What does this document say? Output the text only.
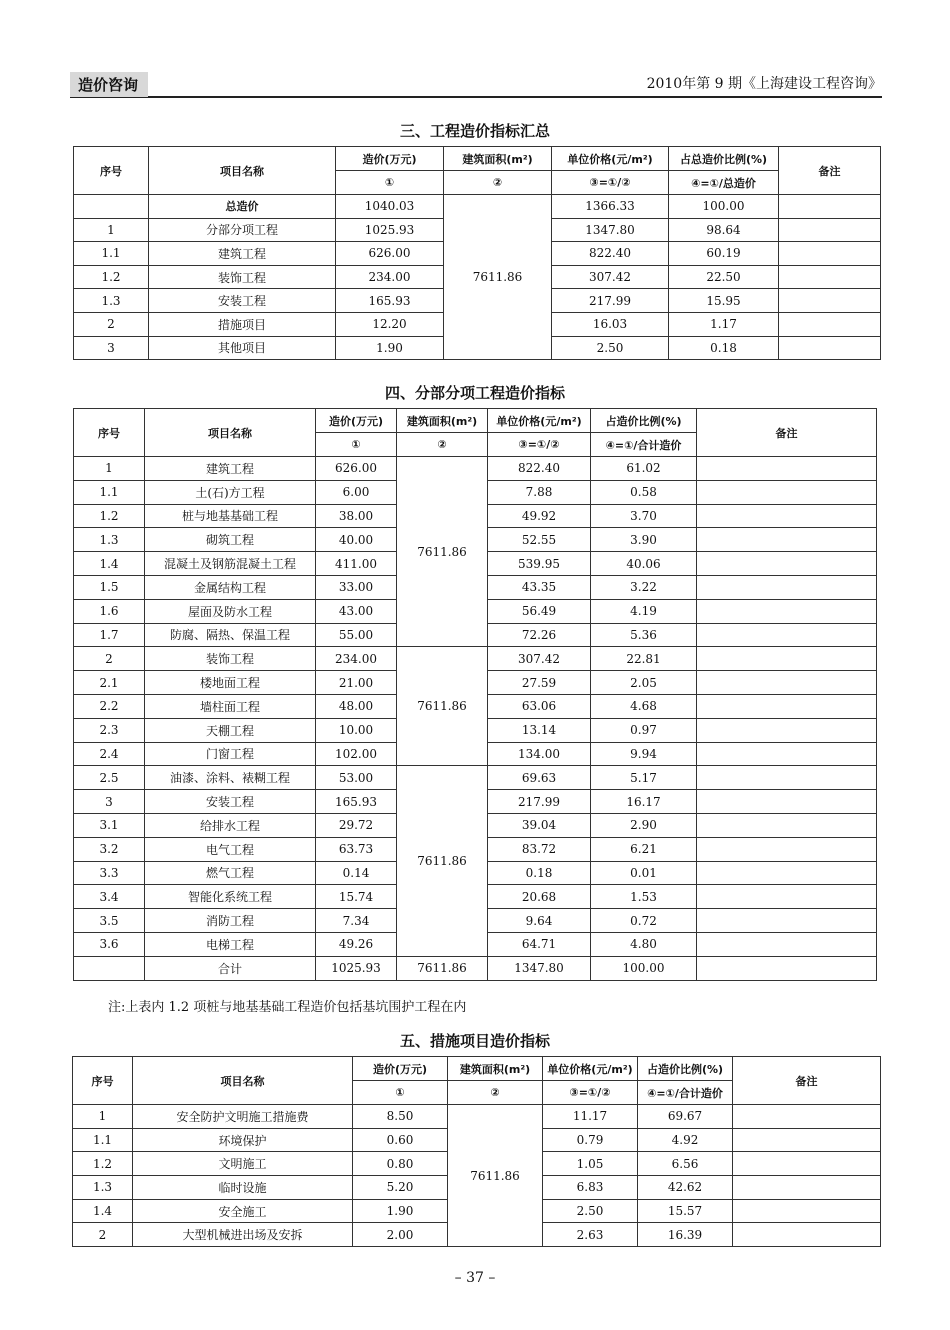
造价咨询	2010年第 9 期《上海建设工程咨询》
三、工程造价指标汇总
序号	项目名称	造价(万元)	建筑面积(m²)	单位价格(元/m²)	占总造价比例(%)	备注
		①	②	③=①/②	④=①/总造价	
	总造价	1040.03	7611.86	1366.33	100.00	
1	分部分项工程	1025.93		1347.80	98.64	
1.1	建筑工程	626.00		822.40	60.19	
1.2	装饰工程	234.00		307.42	22.50	
1.3	安装工程	165.93		217.99	15.95	
2	措施项目	12.20		16.03	1.17	
3	其他项目	1.90		2.50	0.18	
四、分部分项工程造价指标
序号	项目名称	造价(万元)	建筑面积(m²)	单位价格(元/m²)	占造价比例(%)	备注
		①	②	③=①/②	④=①/合计造价	
1	建筑工程	626.00	7611.86	822.40	61.02	
1.1	土(石)方工程	6.00		7.88	0.58	
1.2	桩与地基基础工程	38.00		49.92	3.70	
1.3	砌筑工程	40.00		52.55	3.90	
1.4	混凝土及钢筋混凝土工程	411.00		539.95	40.06	
1.5	金属结构工程	33.00		43.35	3.22	
1.6	屋面及防水工程	43.00		56.49	4.19	
1.7	防腐、隔热、保温工程	55.00		72.26	5.36	
2	装饰工程	234.00	7611.86	307.42	22.81	
2.1	楼地面工程	21.00		27.59	2.05	
2.2	墙柱面工程	48.00		63.06	4.68	
2.3	天棚工程	10.00		13.14	0.97	
2.4	门窗工程	102.00		134.00	9.94	
2.5	油漆、涂料、裱糊工程	53.00	7611.86	69.63	5.17	
3	安装工程	165.93		217.99	16.17	
3.1	给排水工程	29.72		39.04	2.90	
3.2	电气工程	63.73		83.72	6.21	
3.3	燃气工程	0.14		0.18	0.01	
3.4	智能化系统工程	15.74		20.68	1.53	
3.5	消防工程	7.34		9.64	0.72	
3.6	电梯工程	49.26		64.71	4.80	
	合计	1025.93	7611.86	1347.80	100.00	
注:上表内 1.2 项桩与地基基础工程造价包括基坑围护工程在内
五、措施项目造价指标
序号	项目名称	造价(万元)	建筑面积(m²)	单位价格(元/m²)	占造价比例(%)	备注
		①	②	③=①/②	④=①/合计造价	
1	安全防护文明施工措施费	8.50	7611.86	11.17	69.67	
1.1	环境保护	0.60		0.79	4.92	
1.2	文明施工	0.80		1.05	6.56	
1.3	临时设施	5.20		6.83	42.62	
1.4	安全施工	1.90		2.50	15.57	
2	大型机械进出场及安拆	2.00		2.63	16.39	
– 37 –
